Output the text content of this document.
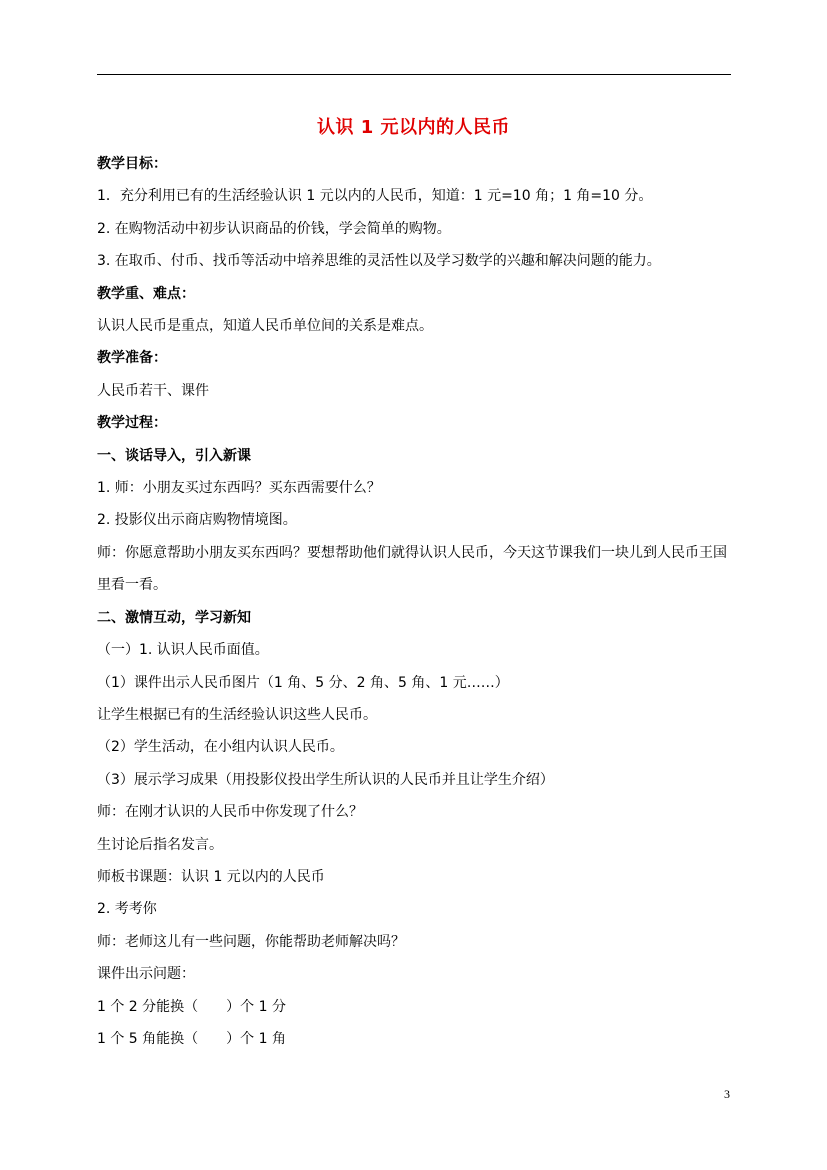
认识 1 元以内的人民币
教学目标：
1．充分利用已有的生活经验认识 1 元以内的人民币，知道：1 元=10 角；1 角=10 分。
2. 在购物活动中初步认识商品的价钱，学会简单的购物。
3. 在取币、付币、找币等活动中培养思维的灵活性以及学习数学的兴趣和解决问题的能力。
教学重、难点：
认识人民币是重点，知道人民币单位间的关系是难点。
教学准备：
人民币若干、课件
教学过程：
一、谈话导入，引入新课
1. 师：小朋友买过东西吗？买东西需要什么？
2. 投影仪出示商店购物情境图。
师：你愿意帮助小朋友买东西吗？要想帮助他们就得认识人民币，今天这节课我们一块儿到人民币王国里看一看。
二、激情互动，学习新知
（一）1. 认识人民币面值。
（1）课件出示人民币图片（1 角、5 分、2 角、5 角、1 元……）
让学生根据已有的生活经验认识这些人民币。
（2）学生活动，在小组内认识人民币。
（3）展示学习成果（用投影仪投出学生所认识的人民币并且让学生介绍）
师：在刚才认识的人民币中你发现了什么？
生讨论后指名发言。
师板书课题：认识 1 元以内的人民币
2. 考考你
师：老师这儿有一些问题，你能帮助老师解决吗？
课件出示问题：
1 个 2 分能换（　　）个 1 分
1 个 5 角能换（　　）个 1 角
3
